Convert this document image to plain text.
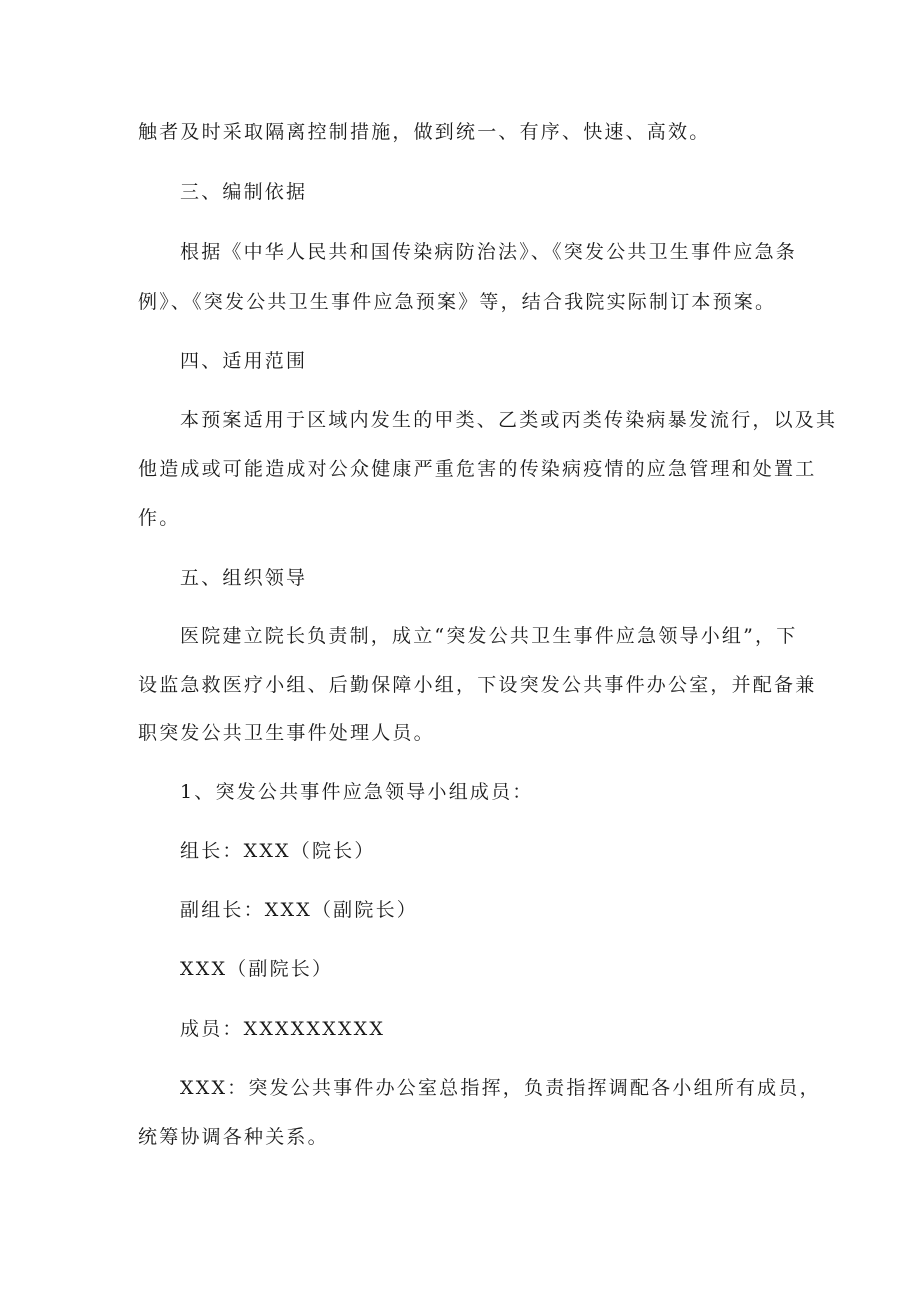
触者及时采取隔离控制措施，做到统一、有序、快速、高效。
三、编制依据
根据《中华人民共和国传染病防治法》、《突发公共卫生事件应急条
例》、《突发公共卫生事件应急预案》等，结合我院实际制订本预案。
四、适用范围
本预案适用于区域内发生的甲类、乙类或丙类传染病暴发流行，以及其
他造成或可能造成对公众健康严重危害的传染病疫情的应急管理和处置工
作。
五、组织领导
医院建立院长负责制，成立“突发公共卫生事件应急领导小组”，下
设监急救医疗小组、后勤保障小组，下设突发公共事件办公室，并配备兼
职突发公共卫生事件处理人员。
1、突发公共事件应急领导小组成员：
组长：XXX（院长）
副组长：XXX（副院长）
XXX（副院长）
成员：XXXXXXXXX
XXX：突发公共事件办公室总指挥，负责指挥调配各小组所有成员，
统筹协调各种关系。
